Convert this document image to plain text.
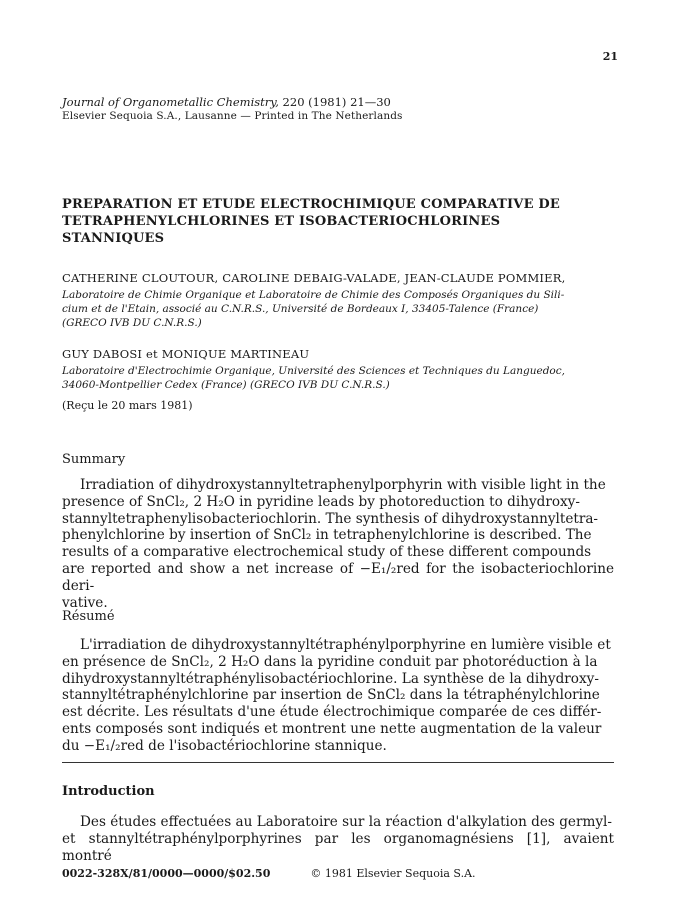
21
Journal of Organometallic Chemistry, 220 (1981) 21—30
Elsevier Sequoia S.A., Lausanne — Printed in The Netherlands
PREPARATION ET ETUDE ELECTROCHIMIQUE COMPARATIVE DE
TETRAPHENYLCHLORINES ET ISOBACTERIOCHLORINES
STANNIQUES
CATHERINE CLOUTOUR, CAROLINE DEBAIG-VALADE, JEAN-CLAUDE POMMIER,
Laboratoire de Chimie Organique et Laboratoire de Chimie des Composés Organiques du Sili-
cium et de l'Etain, associé au C.N.R.S., Université de Bordeaux I, 33405-Talence (France)
(GRECO IVB DU C.N.R.S.)
GUY DABOSI et MONIQUE MARTINEAU
Laboratoire d'Electrochimie Organique, Université des Sciences et Techniques du Languedoc,
34060-Montpellier Cedex (France) (GRECO IVB DU C.N.R.S.)
(Reçu le 20 mars 1981)
Summary

Irradiation of dihydroxystannyltetraphenylporphyrin with visible light in the

presence of SnCl₂, 2 H₂O in pyridine leads by photoreduction to dihydroxy-
stannyltetraphenylisobacteriochlorin. The synthesis of dihydroxystannyltetra-
phenylchlorine by insertion of SnCl₂ in tetraphenylchlorine is described. The
results of a comparative electrochemical study of these different compounds
are reported and show a net increase of −E₁/₂red for the isobacteriochlorine deri-
vative.
Résumé

L'irradiation de dihydroxystannyltétraphénylporphyrine en lumière visible et

en présence de SnCl₂, 2 H₂O dans la pyridine conduit par photoréduction à la
dihydroxystannyltétraphénylisobactériochlorine. La synthèse de la dihydroxy-
stannyltétraphénylchlorine par insertion de SnCl₂ dans la tétraphénylchlorine
est décrite. Les résultats d'une étude électrochimique comparée de ces différ-
ents composés sont indiqués et montrent une nette augmentation de la valeur
du −E₁/₂red de l'isobactériochlorine stannique.
Introduction

Des études effectuées au Laboratoire sur la réaction d'alkylation des germyl-

et stannyltétraphénylporphyrines par les organomagnésiens [1], avaient montré
0022-328X/81/0000—0000/$02.50	© 1981 Elsevier Sequoia S.A.
